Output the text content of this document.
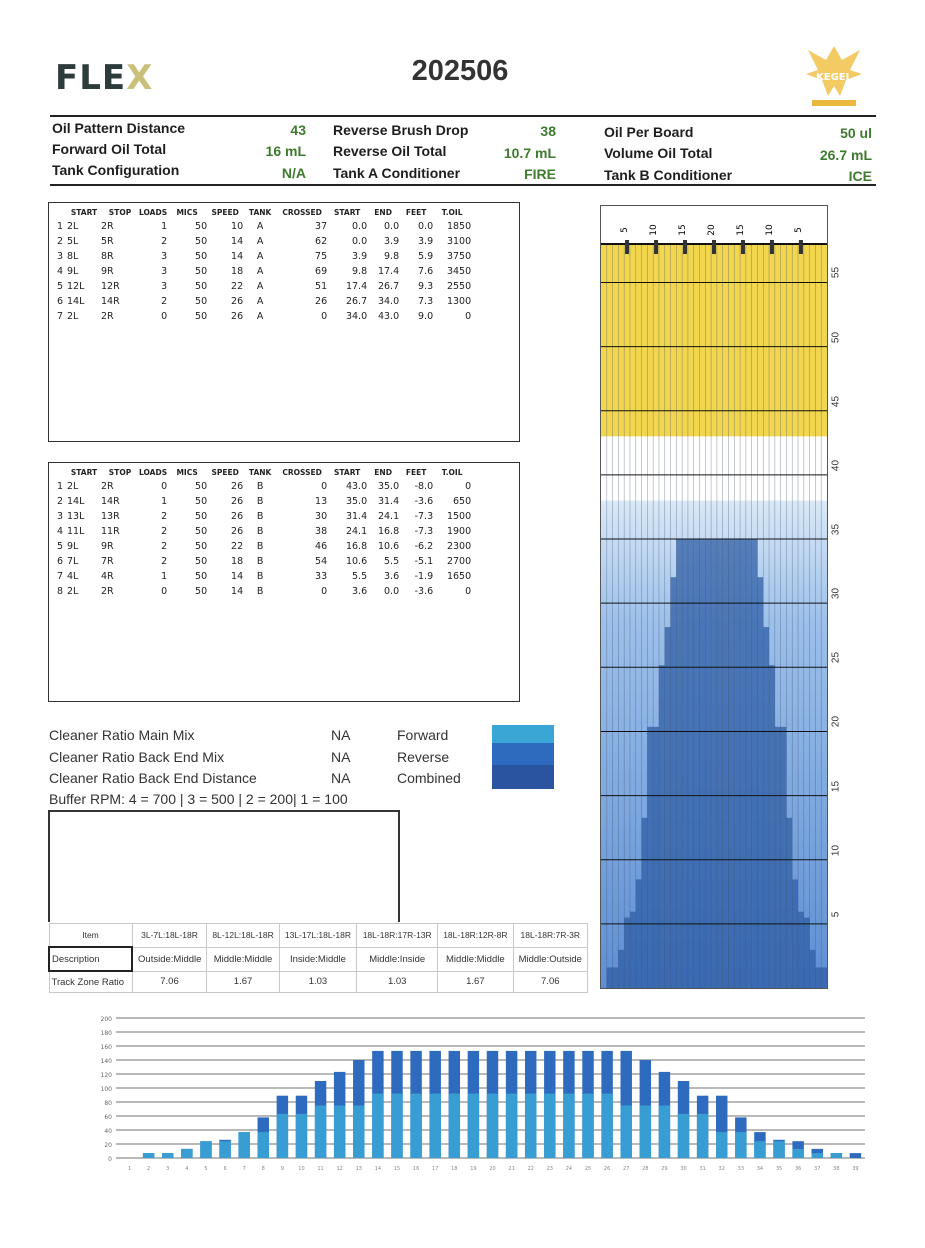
FLEX	202506	KEGEL
Oil Pattern Distance	43
Forward Oil Total	16 mL
Tank Configuration	N/A
Reverse Brush Drop	38
Reverse Oil Total	10.7 mL
Tank A Conditioner	FIRE
Oil Per Board	50 ul
Volume Oil Total	26.7 mL
Tank B Conditioner	ICE
	START	STOP	LOADS	MICS	SPEED	TANK	CROSSED	START	END	FEET	T.OIL
1	2L	2R	1	50	10	A	37	0.0	0.0	0.0	1850
2	5L	5R	2	50	14	A	62	0.0	3.9	3.9	3100
3	8L	8R	3	50	14	A	75	3.9	9.8	5.9	3750
4	9L	9R	3	50	18	A	69	9.8	17.4	7.6	3450
5	12L	12R	3	50	22	A	51	17.4	26.7	9.3	2550
6	14L	14R	2	50	26	A	26	26.7	34.0	7.3	1300
7	2L	2R	0	50	26	A	0	34.0	43.0	9.0	0
	START	STOP	LOADS	MICS	SPEED	TANK	CROSSED	START	END	FEET	T.OIL
1	2L	2R	0	50	26	B	0	43.0	35.0	-8.0	0
2	14L	14R	1	50	26	B	13	35.0	31.4	-3.6	650
3	13L	13R	2	50	26	B	30	31.4	24.1	-7.3	1500
4	11L	11R	2	50	26	B	38	24.1	16.8	-7.3	1900
5	9L	9R	2	50	22	B	46	16.8	10.6	-6.2	2300
6	7L	7R	2	50	18	B	54	10.6	5.5	-5.1	2700
7	4L	4R	1	50	14	B	33	5.5	3.6	-1.9	1650
8	2L	2R	0	50	14	B	0	3.6	0.0	-3.6	0
Cleaner Ratio Main Mix	NA	Forward
Cleaner Ratio Back End Mix	NA	Reverse
Cleaner Ratio Back End Distance	NA	Combined
Buffer RPM: 4 = 700 | 3 = 500 | 2 = 200| 1 = 100
Item	3L-7L:18L-18R	8L-12L:18L-18R	13L-17L:18L-18R	18L-18R:17R-13R	18L-18R:12R-8R	18L-18R:7R-3R
Description	Outside:Middle	Middle:Middle	Inside:Middle	Middle:Inside	Middle:Middle	Middle:Outside
Track Zone Ratio	7.06	1.67	1.03	1.03	1.67	7.06
5 10 15 20 15 10 5
55
50
45
40
35
30
25
20
15
10
5
0
20
40
60
80
100
120
140
160
180
200
1	2	3	4	5	6	7	8	9	10	11	12	13	14	15	16	17	18	19	20	21	22	23	24	25	26	27	28	29	30	31	32	33	34	35	36	37	38	39
